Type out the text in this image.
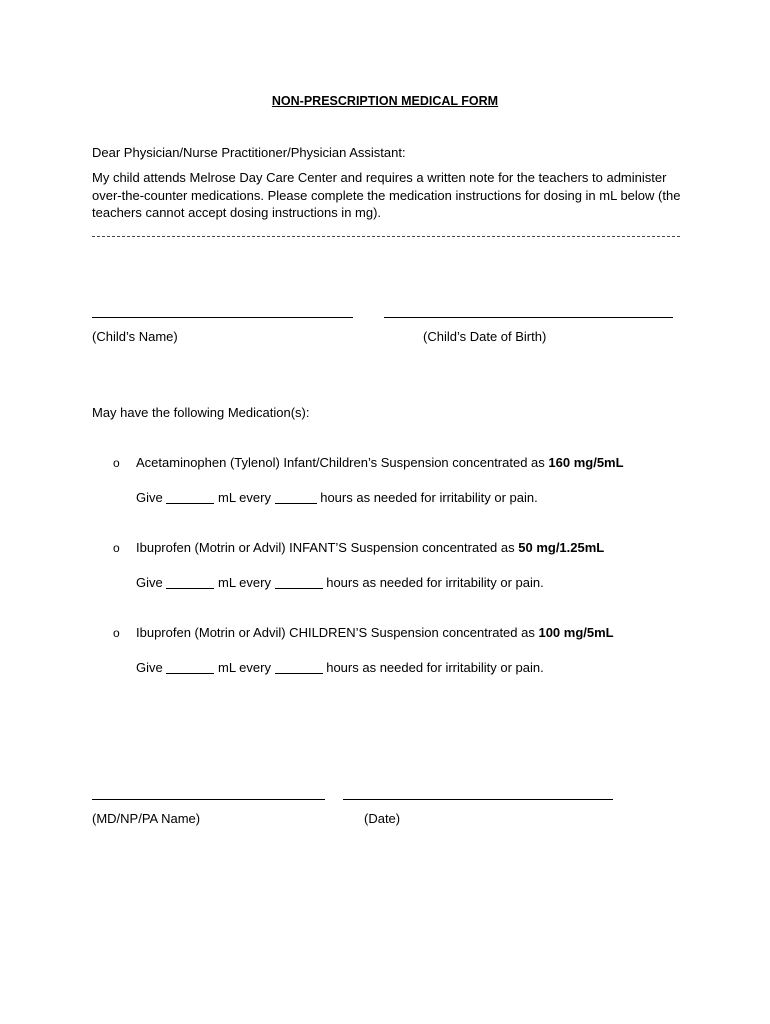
NON-PRESCRIPTION MEDICAL FORM
Dear Physician/Nurse Practitioner/Physician Assistant:
My child attends Melrose Day Care Center and requires a written note for the teachers to administer over-the-counter medications. Please complete the medication instructions for dosing in mL below (the teachers cannot accept dosing instructions in mg).
(Child’s Name)	(Child’s Date of Birth)
May have the following Medication(s):
o Acetaminophen (Tylenol) Infant/Children’s Suspension concentrated as 160 mg/5mL
Give	mL every	hours as needed for irritability or pain.
o Ibuprofen (Motrin or Advil) INFANT’S Suspension concentrated as 50 mg/1.25mL
Give	mL every	hours as needed for irritability or pain.
o Ibuprofen (Motrin or Advil) CHILDREN’S Suspension concentrated as 100 mg/5mL
Give	mL every	hours as needed for irritability or pain.
(MD/NP/PA Name)	(Date)
